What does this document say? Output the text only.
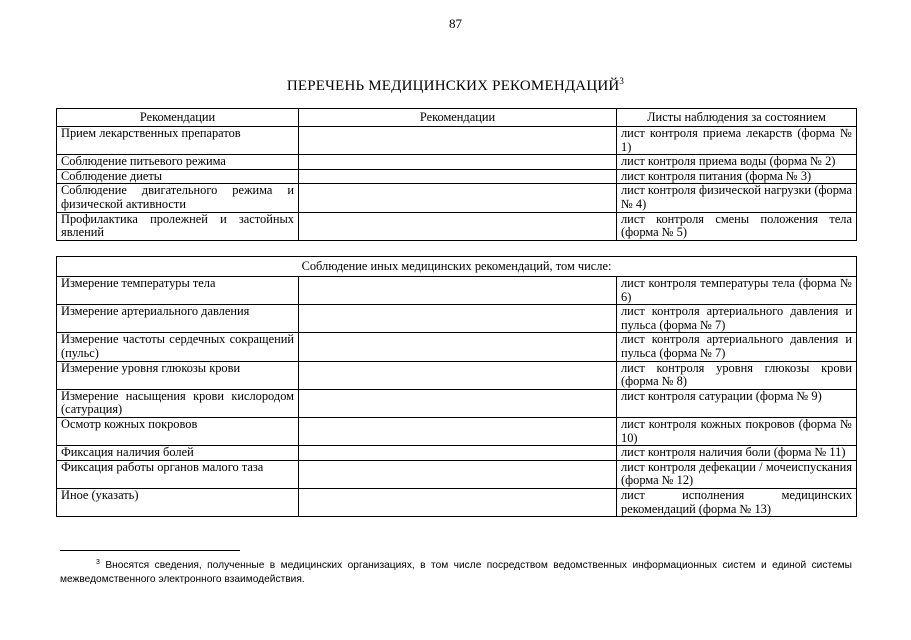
87
ПЕРЕЧЕНЬ МЕДИЦИНСКИХ РЕКОМЕНДАЦИЙ$^3$
Рекомендации	Рекомендации	Листы наблюдения за состоянием
Прием лекарственных препаратов		лист контроля приема лекарств (форма № 1)
Соблюдение питьевого режима		лист контроля приема воды (форма № 2)
Соблюдение диеты		лист контроля питания (форма № 3)
Соблюдение двигательного режима и физической активности		лист контроля физической нагрузки (форма № 4)
Профилактика пролежней и застойных явлений		лист контроля смены положения тела (форма № 5)
Соблюдение иных медицинских рекомендаций, том числе:		
Измерение температуры тела		лист контроля температуры тела (форма № 6)
Измерение артериального давления		лист контроля артериального давления и пульса (форма № 7)
Измерение частоты сердечных сокращений (пульс)		лист контроля артериального давления и пульса (форма № 7)
Измерение уровня глюкозы крови		лист контроля уровня глюкозы крови (форма № 8)
Измерение насыщения крови кислородом (сатурация)		лист контроля сатурации (форма № 9)
Осмотр кожных покровов		лист контроля кожных покровов (форма № 10)
Фиксация наличия болей		лист контроля наличия боли (форма № 11)
Фиксация работы органов малого таза		лист контроля дефекации / мочеиспускания (форма № 12)
Иное (указать)		лист исполнения медицинских рекомендаций (форма № 13)
$^3$ Вносятся сведения, полученные в медицинских организациях, в том числе посредством ведомственных информационных систем и единой системы межведомственного электронного взаимодействия.
